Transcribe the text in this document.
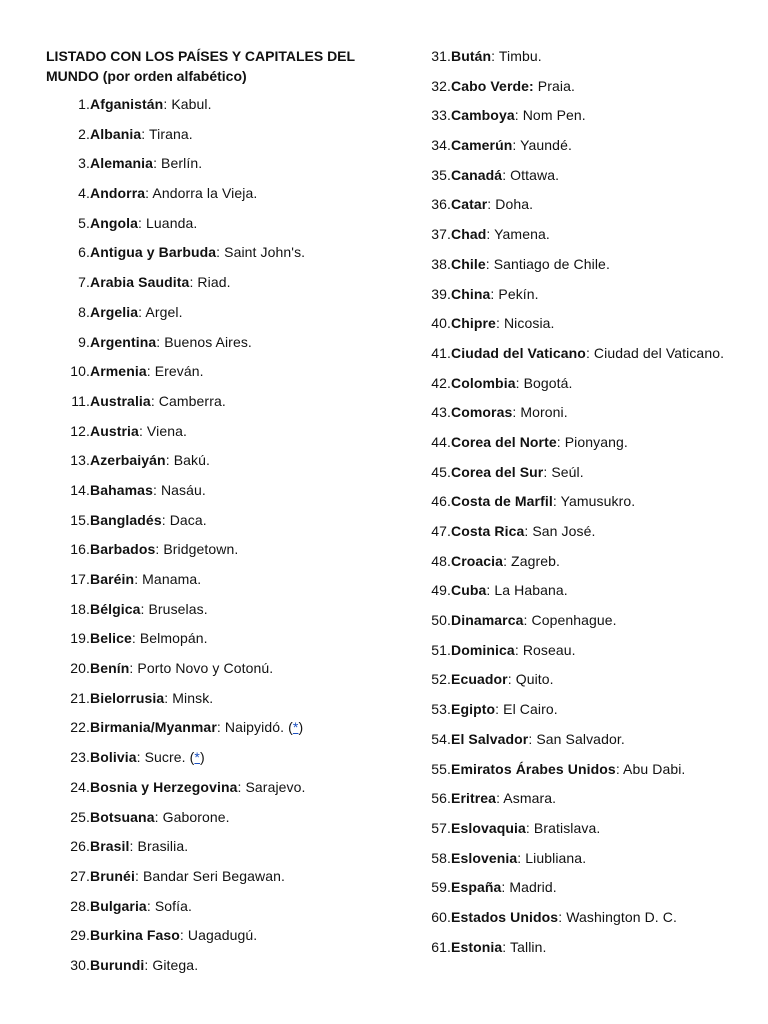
LISTADO CON LOS PAÍSES Y CAPITALES DEL MUNDO (por orden alfabético)
1. Afganistán: Kabul.
2. Albania: Tirana.
3. Alemania: Berlín.
4. Andorra: Andorra la Vieja.
5. Angola: Luanda.
6. Antigua y Barbuda: Saint John's.
7. Arabia Saudita: Riad.
8. Argelia: Argel.
9. Argentina: Buenos Aires.
10. Armenia: Ereván.
11. Australia: Camberra.
12. Austria: Viena.
13. Azerbaiyán: Bakú.
14. Bahamas: Nasáu.
15. Bangladés: Daca.
16. Barbados: Bridgetown.
17. Baréin: Manama.
18. Bélgica: Bruselas.
19. Belice: Belmopán.
20. Benín: Porto Novo y Cotonú.
21. Bielorrusia: Minsk.
22. Birmania/Myanmar: Naipyidó. (*)
23. Bolivia: Sucre. (*)
24. Bosnia y Herzegovina: Sarajevo.
25. Botsuana: Gaborone.
26. Brasil: Brasilia.
27. Brunéi: Bandar Seri Begawan.
28. Bulgaria: Sofía.
29. Burkina Faso: Uagadugú.
30. Burundi: Gitega.
31. Bután: Timbu.
32. Cabo Verde: Praia.
33. Camboya: Nom Pen.
34. Camerún: Yaundé.
35. Canadá: Ottawa.
36. Catar: Doha.
37. Chad: Yamena.
38. Chile: Santiago de Chile.
39. China: Pekín.
40. Chipre: Nicosia.
41. Ciudad del Vaticano: Ciudad del Vaticano.
42. Colombia: Bogotá.
43. Comoras: Moroni.
44. Corea del Norte: Pionyang.
45. Corea del Sur: Seúl.
46. Costa de Marfil: Yamusukro.
47. Costa Rica: San José.
48. Croacia: Zagreb.
49. Cuba: La Habana.
50. Dinamarca: Copenhague.
51. Dominica: Roseau.
52. Ecuador: Quito.
53. Egipto: El Cairo.
54. El Salvador: San Salvador.
55. Emiratos Árabes Unidos: Abu Dabi.
56. Eritrea: Asmara.
57. Eslovaquia: Bratislava.
58. Eslovenia: Liubliana.
59. España: Madrid.
60. Estados Unidos: Washington D. C.
61. Estonia: Tallin.
